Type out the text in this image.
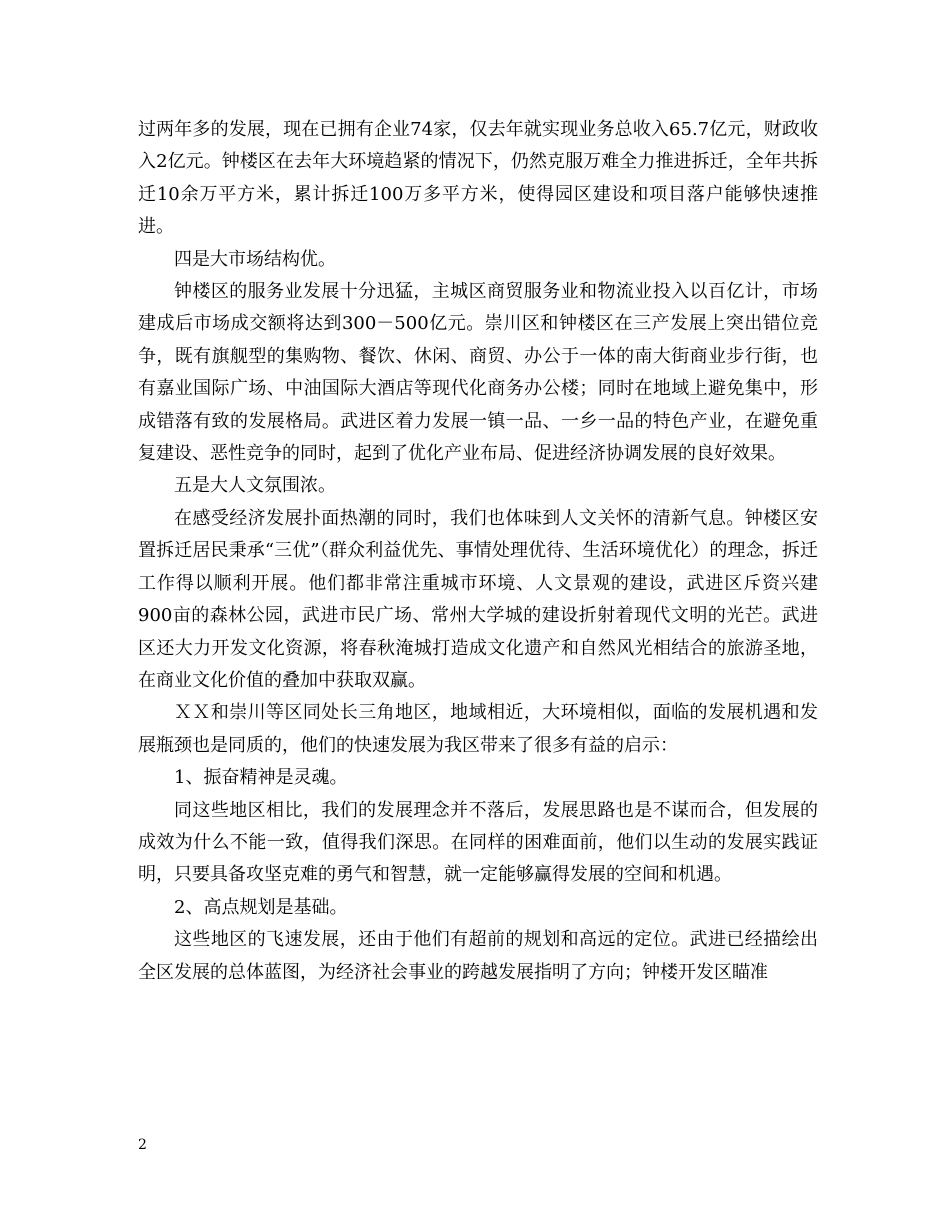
过两年多的发展，现在已拥有企业74家，仅去年就实现业务总收入65.7亿元，财政收入2亿元。钟楼区在去年大环境趋紧的情况下，仍然克服万难全力推进拆迁，全年共拆迁10余万平方米，累计拆迁100万多平方米，使得园区建设和项目落户能够快速推进。

四是大市场结构优。

钟楼区的服务业发展十分迅猛，主城区商贸服务业和物流业投入以百亿计，市场建成后市场成交额将达到300－500亿元。崇川区和钟楼区在三产发展上突出错位竞争，既有旗舰型的集购物、餐饮、休闲、商贸、办公于一体的南大街商业步行街，也有嘉业国际广场、中油国际大酒店等现代化商务办公楼；同时在地域上避免集中，形成错落有致的发展格局。武进区着力发展一镇一品、一乡一品的特色产业，在避免重复建设、恶性竞争的同时，起到了优化产业布局、促进经济协调发展的良好效果。

五是大人文氛围浓。

在感受经济发展扑面热潮的同时，我们也体味到人文关怀的清新气息。钟楼区安置拆迁居民秉承“三优”（群众利益优先、事情处理优待、生活环境优化）的理念，拆迁工作得以顺利开展。他们都非常注重城市环境、人文景观的建设，武进区斥资兴建900亩的森林公园，武进市民广场、常州大学城的建设折射着现代文明的光芒。武进区还大力开发文化资源，将春秋淹城打造成文化遗产和自然风光相结合的旅游圣地，在商业文化价值的叠加中获取双赢。

ＸＸ和崇川等区同处长三角地区，地域相近，大环境相似，面临的发展机遇和发展瓶颈也是同质的，他们的快速发展为我区带来了很多有益的启示：

1、振奋精神是灵魂。

同这些地区相比，我们的发展理念并不落后，发展思路也是不谋而合，但发展的成效为什么不能一致，值得我们深思。在同样的困难面前，他们以生动的发展实践证明，只要具备攻坚克难的勇气和智慧，就一定能够赢得发展的空间和机遇。

2、高点规划是基础。

这些地区的飞速发展，还由于他们有超前的规划和高远的定位。武进已经描绘出全区发展的总体蓝图，为经济社会事业的跨越发展指明了方向；钟楼开发区瞄准

2
